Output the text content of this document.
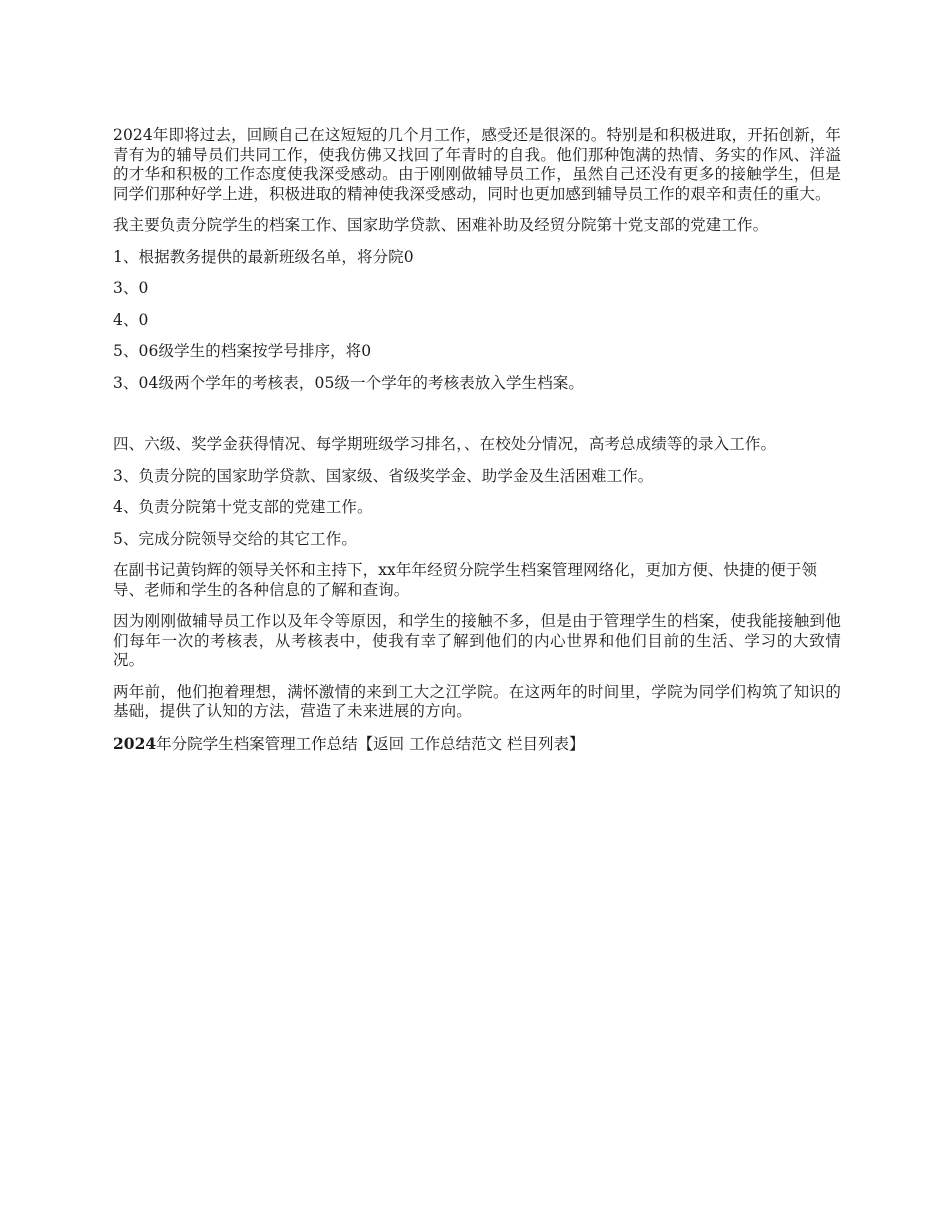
2024年即将过去，回顾自己在这短短的几个月工作，感受还是很深的。特别是和积极进取，开拓创新，年青有为的辅导员们共同工作，使我仿佛又找回了年青时的自我。他们那种饱满的热情、务实的作风、洋溢的才华和积极的工作态度使我深受感动。由于刚刚做辅导员工作，虽然自己还没有更多的接触学生，但是同学们那种好学上进，积极进取的精神使我深受感动，同时也更加感到辅导员工作的艰辛和责任的重大。

我主要负责分院学生的档案工作、国家助学贷款、困难补助及经贸分院第十党支部的党建工作。

1、根据教务提供的最新班级名单，将分院0

3、0

4、0

5、06级学生的档案按学号排序，将0

3、04级两个学年的考核表，05级一个学年的考核表放入学生档案。

四、六级、奖学金获得情况、每学期班级学习排名，、在校处分情况，高考总成绩等的录入工作。

3、负责分院的国家助学贷款、国家级、省级奖学金、助学金及生活困难工作。

4、负责分院第十党支部的党建工作。

5、完成分院领导交给的其它工作。

在副书记黄钧辉的领导关怀和主持下，xx年年经贸分院学生档案管理网络化，更加方便、快捷的便于领导、老师和学生的各种信息的了解和查询。

因为刚刚做辅导员工作以及年令等原因，和学生的接触不多，但是由于管理学生的档案，使我能接触到他们每年一次的考核表，从考核表中，使我有幸了解到他们的内心世界和他们目前的生活、学习的大致情况。

两年前，他们抱着理想，满怀激情的来到工大之江学院。在这两年的时间里，学院为同学们构筑了知识的基础，提供了认知的方法，营造了未来进展的方向。

2024年分院学生档案管理工作总结【返回 工作总结范文 栏目列表】
